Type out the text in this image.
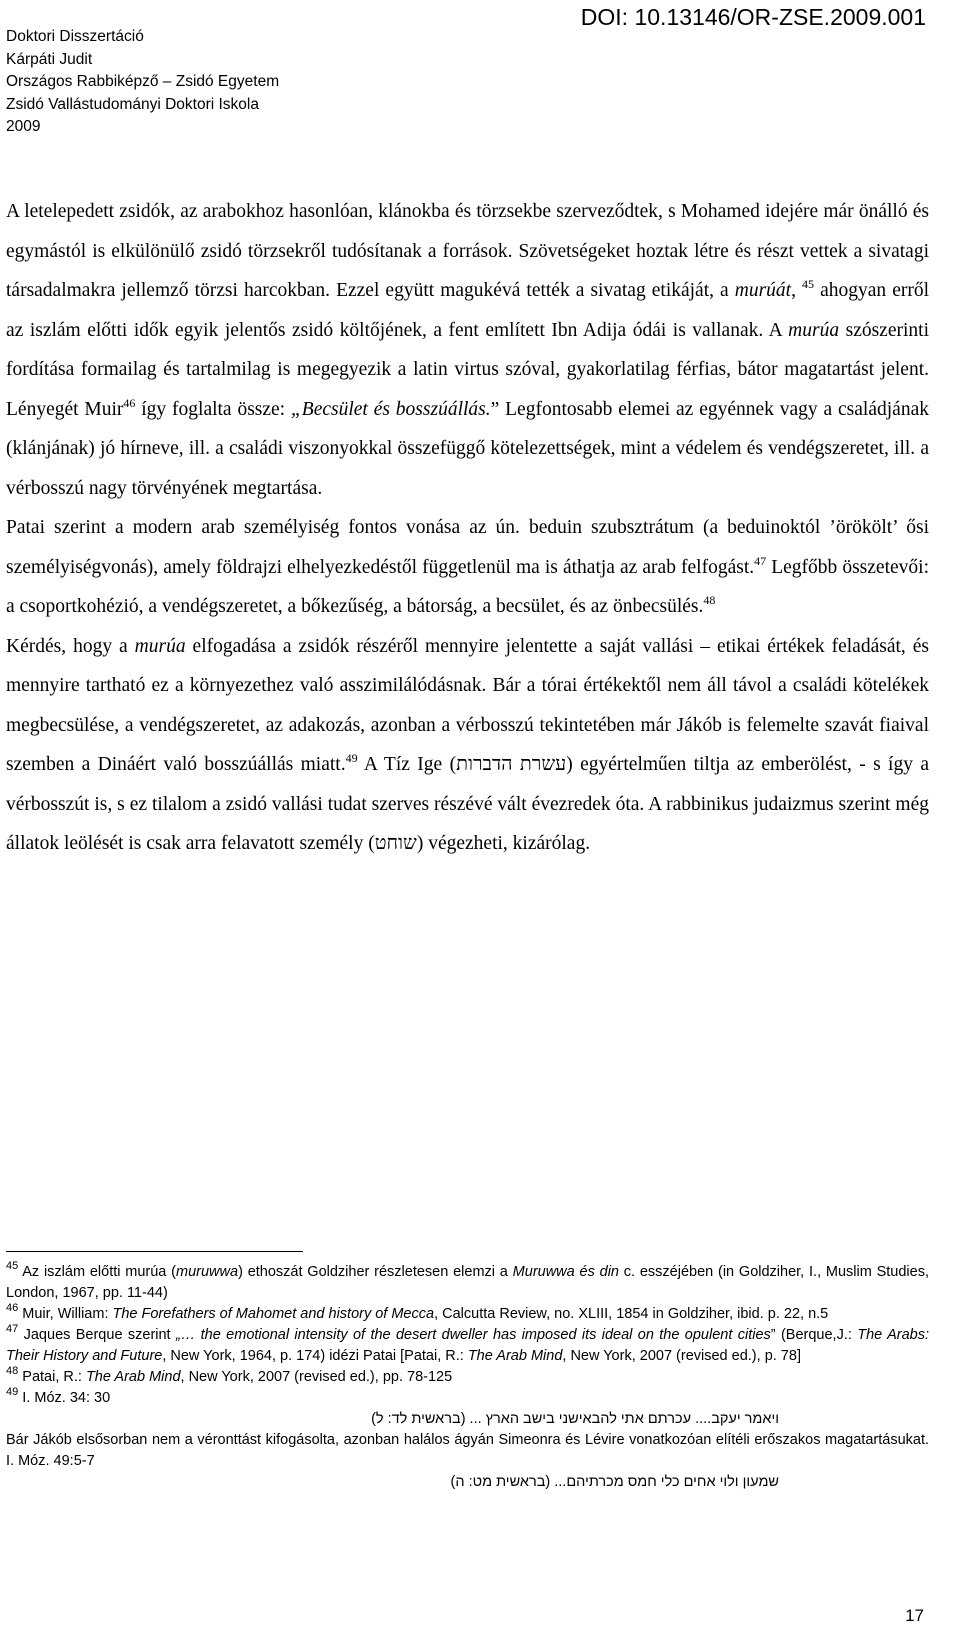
DOI: 10.13146/OR-ZSE.2009.001
Doktori Disszertáció
Kárpáti Judit
Országos Rabbiképző – Zsidó Egyetem
Zsidó Vallástudományi Doktori Iskola
2009

A letelepedett zsidók, az arabokhoz hasonlóan, klánokba és törzsekbe szerveződtek, s Mohamed idejére már önálló és egymástól is elkülönülő zsidó törzsekről tudósítanak a források. Szövetségeket hoztak létre és részt vettek a sivatagi társadalmakra jellemző törzsi harcokban. Ezzel együtt magukévá tették a sivatag etikáját, a murúát, $^{45}$ ahogyan erről az iszlám előtti idők egyik jelentős zsidó költőjének, a fent említett Ibn Adija ódái is vallanak. A murúa szószerinti fordítása formailag és tartalmilag is megegyezik a latin virtus szóval, gyakorlatilag férfias, bátor magatartást jelent. Lényegét Muir$^{46}$ így foglalta össze: „Becsület és bosszúállás.” Legfontosabb elemei az egyénnek vagy a családjának (klánjának) jó hírneve, ill. a családi viszonyokkal összefüggő kötelezettségek, mint a védelem és vendégszeretet, ill. a vérbosszú nagy törvényének megtartása.

Patai szerint a modern arab személyiség fontos vonása az ún. beduin szubsztrátum (a beduinoktól ’örökölt’ ősi személyiségvonás), amely földrajzi elhelyezkedéstől függetlenül ma is áthatja az arab felfogást.$^{47}$ Legfőbb összetevői: a csoportkohézió, a vendégszeretet, a bőkezűség, a bátorság, a becsület, és az önbecsülés.$^{48}$

Kérdés, hogy a murúa elfogadása a zsidók részéről mennyire jelentette a saját vallási – etikai értékek feladását, és mennyire tartható ez a környezethez való asszimilálódásnak. Bár a tórai értékektől nem áll távol a családi kötelékek megbecsülése, a vendégszeretet, az adakozás, azonban a vérbosszú tekintetében már Jákób is felemelte szavát fiaival szemben a Dináért való bosszúállás miatt.$^{49}$ A Tíz Ige (עשרת הדברות) egyértelműen tiltja az emberölést, - s így a vérbosszút is, s ez tilalom a zsidó vallási tudat szerves részévé vált évezredek óta. A rabbinikus judaizmus szerint még állatok leölését is csak arra felavatott személy (שוחט) végezheti, kizárólag.

$^{45}$ Az iszlám előtti murúa (muruwwa) ethoszát Goldziher részletesen elemzi a Muruwwa és din c. esszéjében (in Goldziher, I., Muslim Studies, London, 1967, pp. 11-44)

$^{46}$ Muir, William: The Forefathers of Mahomet and history of Mecca, Calcutta Review, no. XLIII, 1854 in Goldziher, ibid. p. 22, n.5

$^{47}$ Jaques Berque szerint „… the emotional intensity of the desert dweller has imposed its ideal on the opulent cities” (Berque,J.: The Arabs: Their History and Future, New York, 1964, p. 174) idézi Patai [Patai, R.: The Arab Mind, New York, 2007 (revised ed.), p. 78]

$^{48}$ Patai, R.: The Arab Mind, New York, 2007 (revised ed.), pp. 78-125

$^{49}$ I. Móz. 34: 30

ויאמר יעקב.... עכרתם אתי להבאישני בישב הארץ ... (בראשית לד: ל)

Bár Jákób elsősorban nem a véronttást kifogásolta, azonban halálos ágyán Simeonra és Lévire vonatkozóan elítéli erőszakos magatartásukat. I. Móz. 49:5-7

שמעון ולוי אחים כלי חמס מכרתיהם... (בראשית מט: ה)

17
